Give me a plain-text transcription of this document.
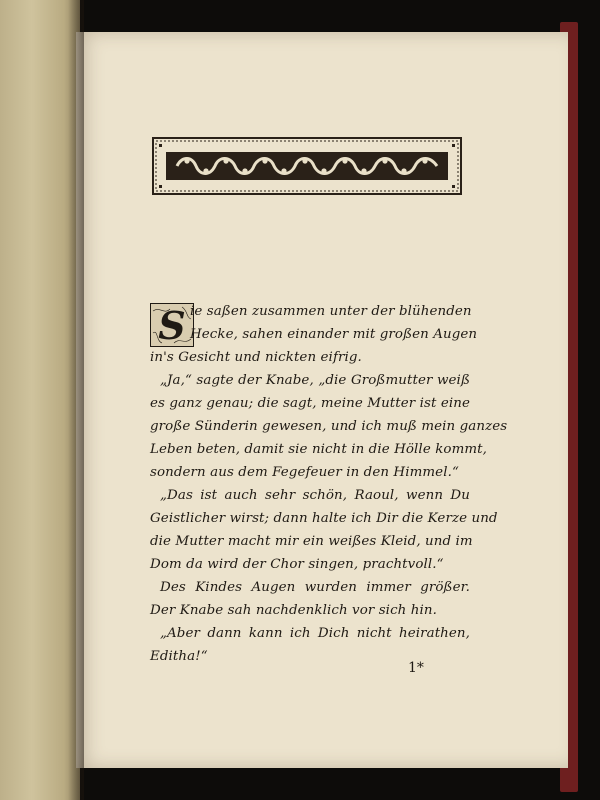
S ie saßen zusammen unter der blühenden
Hecke, sahen einander mit großen Augen
in's Gesicht und nickten eifrig.
„Ja,“ sagte der Knabe, „die Großmutter weiß
es ganz genau; die sagt, meine Mutter ist eine
große Sünderin gewesen, und ich muß mein ganzes
Leben beten, damit sie nicht in die Hölle kommt,
sondern aus dem Fegefeuer in den Himmel.“
„Das ist auch sehr schön, Raoul, wenn Du
Geistlicher wirst; dann halte ich Dir die Kerze und
die Mutter macht mir ein weißes Kleid, und im
Dom da wird der Chor singen, prachtvoll.“
Des Kindes Augen wurden immer größer.
Der Knabe sah nachdenklich vor sich hin.
„Aber dann kann ich Dich nicht heirathen,
Editha!“
1*
